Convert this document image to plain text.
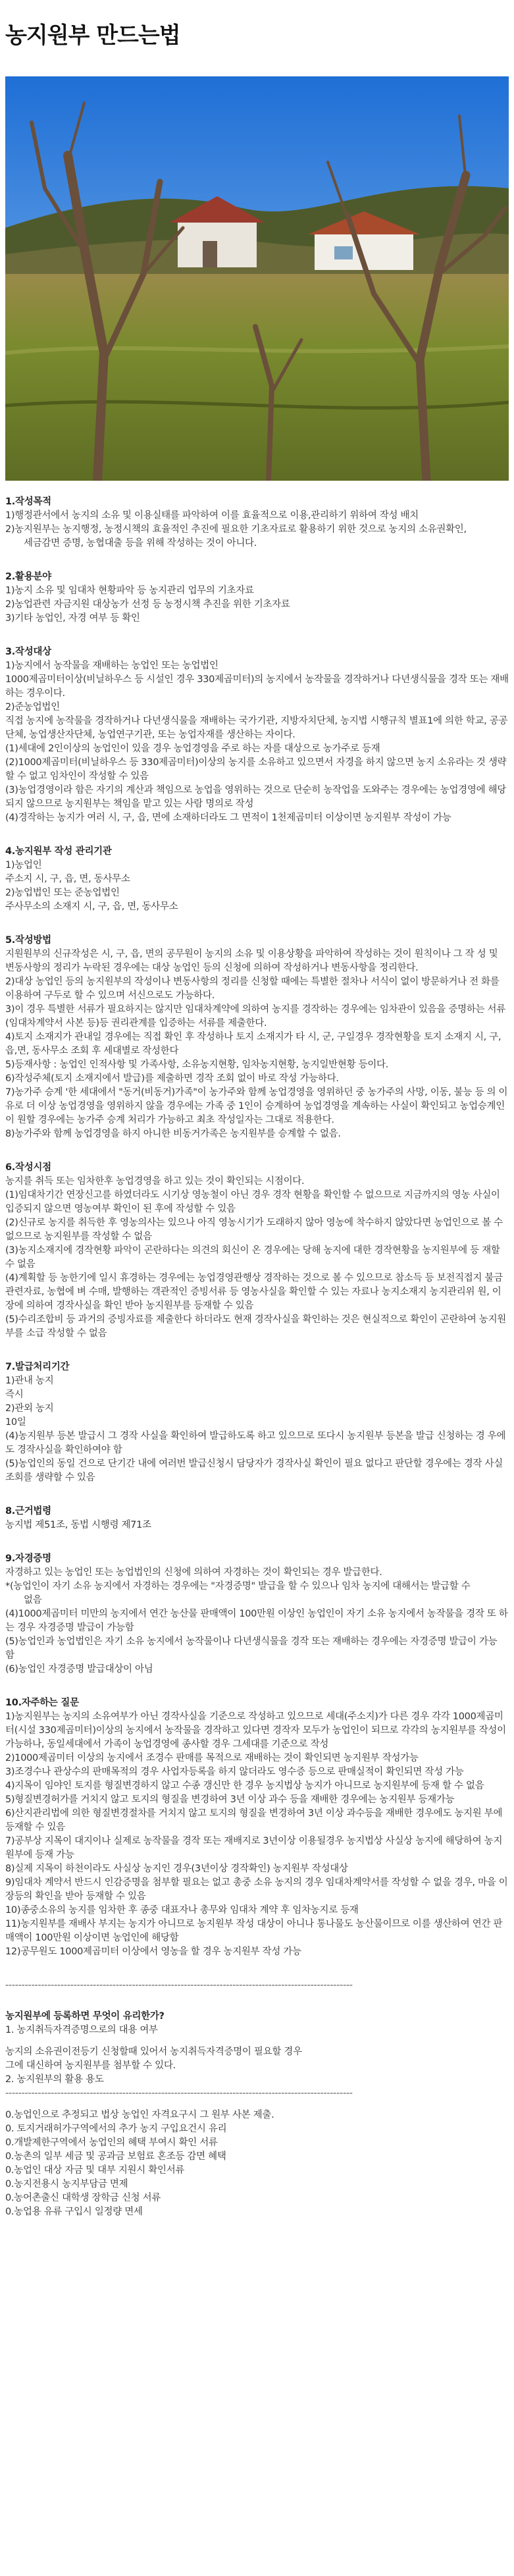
농지원부 만드는법

1.작성목적

1)행정관서에서 농지의 소유 및 이용실태를 파악하여 이를 효율적으로 이용,관리하기 위하여 작성 배치

2)농지원부는 농지행정, 농정시책의 효율적인 추진에 필요한 기초자료로 활용하기 위한 것으로 농지의 소유권확인,

세금감면 증명, 농협대출 등을 위해 작성하는 것이 아니다.

2.활용분야

1)농지 소유 및 임대차 현황파악 등 농지관리 업무의 기초자료

2)농업관련 자금지원 대상농가 선정 등 농정시책 추진을 위한 기초자료

3)기타 농업인, 자경 여부 등 확인

3.작성대상

1)농지에서 농작물을 재배하는 농업인 또는 농업법인

1000제곱미터이상(비닐하우스 등 시설인 경우 330제곱미터)의 농지에서 농작물을 경작하거나 다년생식물을 경작 또는 재배하는 경우이다.

2)준농업법인

직접 농지에 농작물을 경작하거나 다년생식물을 재배하는 국가기관, 지방자치단체, 농지법 시행규칙 별표1에 의한 학교, 공공단체, 농업생산자단체, 농업연구기관, 또는 농업자재를 생산하는 자이다.

(1)세대에 2인이상의 농업인이 있을 경우 농업경영을 주로 하는 자를 대상으로 농가주로 등재

(2)1000제곱미터(비닐하우스 등 330제곱미터)이상의 농지를 소유하고 있으면서 자경을 하지 않으면 농지 소유라는 것 생략 할 수 없고 임차인이 작성할 수 있음

(3)농업경영이라 함은 자기의 계산과 책임으로 농업을 영위하는 것으로 단순히 농작업을 도와주는 경우에는 농업경영에 해당되지 않으므로 농지원부는 책임을 맡고 있는 사람 명의로 작성

(4)경작하는 농지가 여러 시, 구, 읍, 면에 소재하더라도 그 면적이 1천제곱미터 이상이면 농지원부 작성이 가능

4.농지원부 작성 관리기관

1)농업인

주소지 시, 구, 읍, 면, 동사무소

2)농업법인 또는 준농업법인

주사무소의 소재지 시, 구, 읍, 면, 동사무소

5.작성방법

지원원부의 신규작성은 시, 구, 읍, 면의 공무원이 농지의 소유 및 이용상황을 파악하여 작성하는 것이 원칙이나 그 작 성 및 변동사항의 정리가 누락된 경우에는 대상 농업인 등의 신청에 의하여 작성하거나 변동사항을 정리한다.

2)대상 농업인 등의 농지원부의 작성이나 변동사항의 정리를 신청할 때에는 특별한 절차나 서식이 없이 방문하거나 전 화를 이용하여 구두로 할 수 있으며 서신으로도 가능하다.

3)이 경우 특별한 서류가 필요하지는 않지만 임대차계약에 의하여 농지를 경작하는 경우에는 임차관이 있음을 증명하는 서류(임대차계약서 사본 등)등 권리관계를 입증하는 서류를 제출한다.

4)토지 소재지가 관내일 경우에는 직접 확인 후 작성하나 토지 소재지가 타 시, 군, 구일경우 경작현황을 토지 소재지 시, 구,읍,면, 동사무소 조회 후 세대별로 작성한다

5)등재사항 : 농업인 인적사항 및 가족사항, 소유농지현황, 임차농지현황, 농지일반현황 등이다.

6)작성주체(토지 소재지에서 발급)를 제출하면 경작 조회 없이 바로 작성 가능하다.

7)농가주 승계 '한 세대에서 "동거(비동거)가족"이 농가주와 함께 농업경영을 영위하던 중 농가주의 사망, 이동, 불능 등 의 이유로 더 이상 농업경영을 영위하지 않을 경우에는 가족 중 1인이 승계하여 농업경영을 계속하는 사실이 확인되고 농업승계인이 원할 경우에는 농가주 승계 처리가 가능하고 최초 작성일자는 그대로 적용한다.

8)농가주와 함께 농업경영을 하지 아니한 비동거가족은 농지원부를 승계할 수 없음.

6.작성시점

농지를 취득 또는 임차한후 농업경영을 하고 있는 것이 확인되는 시점이다.

(1)임대차기간 연장신고를 하였더라도 시기상 영농철이 아닌 경우 경작 현황을 확인할 수 없으므로 지금까지의 영농 사실이 입증되지 않으면 영농여부 확인이 된 후에 작성할 수 있음

(2)신규로 농지를 취득한 후 영농의사는 있으나 아직 영농시기가 도래하지 않아 영농에 착수하지 않았다면 농업인으로 볼 수 없으므로 농지원부를 작성할 수 없음

(3)농지소재지에 경작현황 파악이 곤란하다는 의견의 회신이 온 경우에는 당해 농지에 대한 경작현황을 농지원부에 등 재할 수 없음

(4)계획할 등 농한기에 일시 휴경하는 경우에는 농업경영관행상 경작하는 것으로 볼 수 있으므로 참소득 등 보전직접지 불금 관련자료, 농협에 벼 수매, 발행하는 객관적인 증빙서류 등 영농사실을 확인할 수 있는 자료나 농지소재지 농지관리위 원, 이장에 의하여 경작사실을 확인 받아 농지원부를 등재할 수 있음

(5)수리조합비 등 과거의 증빙자료를 제출한다 하더라도 현재 경작사실을 확인하는 것은 현실적으로 확인이 곤란하여 농지원부를 소급 작성할 수 없음

7.발급처리기간

1)관내 농지

즉시

2)관외 농지

10일

(4)농지원부 등본 발급시 그 경작 사실을 확인하여 발급하도록 하고 있으므로 또다시 농지원부 등본을 발급 신청하는 경 우에도 경작사실을 확인하여야 함

(5)농업인의 동일 건으로 단기간 내에 여러번 발급신청시 담당자가 경작사실 확인이 필요 없다고 판단할 경우에는 경작 사실조회를 생략할 수 있음

8.근거법령

농지법 제51조, 동법 시행령 제71조

9.자경증명

자경하고 있는 농업인 또는 농업법인의 신청에 의하여 자경하는 것이 확인되는 경우 발급한다.

*(농업인이 자기 소유 농지에서 자경하는 경우에는 "자경증명" 발급을 할 수 있으나 임차 농지에 대해서는 발급할 수

없음

(4)1000제곱미터 미만의 농지에서 연간 농산물 판매액이 100만원 이상인 농업인이 자기 소유 농지에서 농작물을 경작 또 하는 경우 자경증명 발급이 가능함

(5)농업인과 농업법인은 자기 소유 농지에서 농작물이나 다년생식물을 경작 또는 재배하는 경우에는 자경증명 발급이 가능 함

(6)농업인 자경증명 발급대상이 아님

10.자주하는 질문

1)농지원부는 농지의 소유여부가 아닌 경작사실을 기준으로 작성하고 있으므로 세대(주소지)가 다른 경우 각각 1000제곱미터(시설 330제곱미터)이상의 농지에서 농작물을 경작하고 있다면 경작자 모두가 농업인이 되므로 각각의 농지원부를 작성이 가능하나, 동일세대에서 가족이 농업경영에 종사할 경우 그세대를 기준으로 작성

2)1000제곱미터 이상의 농지에서 조경수 판매를 목적으로 재배하는 것이 확인되면 농지원부 작성가능

3)조경수나 관상수의 판매목적의 경우 사업자등록을 하지 않더라도 영수증 등으로 판매실적이 확인되면 작성 가능

4)지목이 임야인 토지를 형질변경하지 않고 수종 갱신만 한 경우 농지법상 농지가 아니므로 농지원부에 등재 할 수 없음

5)형질변경허가를 거치지 않고 토지의 형질을 변경하여 3년 이상 과수 등을 재배한 경우에는 농지원부 등재가능

6)산지관리법에 의한 형질변경절차를 거치지 않고 토지의 형질을 변경하여 3년 이상 과수등을 재배한 경우에도 농지원 부에 등재할 수 있음

7)공부상 지목이 대지이나 실제로 농작물을 경작 또는 재배지로 3년이상 이용될경우 농지법상 사실상 농지에 해당하여 농지원부에 등재 가능

8)실제 지목이 하천이라도 사실상 농지인 경우(3년이상 경작확인) 농지원부 작성대상

9)임대차 계약서 반드시 인감증명을 첨부할 필요는 없고 총중 소유 농지의 경우 임대차계약서를 작성할 수 없을 경우, 마을 이장등의 확인을 받아 등재할 수 있음

10)종중소유의 농지를 임차한 후 종중 대표자나 총무와 임대차 계약 후 임차농지로 등재

11)농지원부를 재배사 부지는 농지가 아니므로 농지원부 작성 대상이 아니나 통나물도 농산물이므로 이를 생산하여 연간 판 매액이 100만원 이상이면 농업인에 해당함

12)공무원도 1000제곱미터 이상에서 영농을 할 경우 농지원부 작성 가능

-----------------------------------------------------------------------------------------------------------

농지원부에 등록하면 무엇이 유리한가?

1. 농지취득자격증명으로의 대용 여부

농지의 소유권이전등기 신청할때 있어서 농지취득자격증명이 필요할 경우

그에 대신하여 농지원부를 첨부할 수 있다.

2. 농지원부의 활용 용도

-----------------------------------------------------------------------------------------------------------

0.농업인으로 추정되고 법상 농업인 자격요구시 그 원부 사본 제출.

0. 토지거래허가구역에서의 추가 농지 구입요건시 유리

0.개발제한구역에서 농업인의 혜택 부여시 확인 서류

0.농촌의 일부 세금 및 공과금 보험료 혼조등 감면 혜택

0.농업인 대상 자금 및 대부 지원시 확인서류

0.농지전용시 농지부담금 면제

0.농어촌출신 대학생 장학금 신청 서류

0.농업용 유류 구입시 일정량 면세
